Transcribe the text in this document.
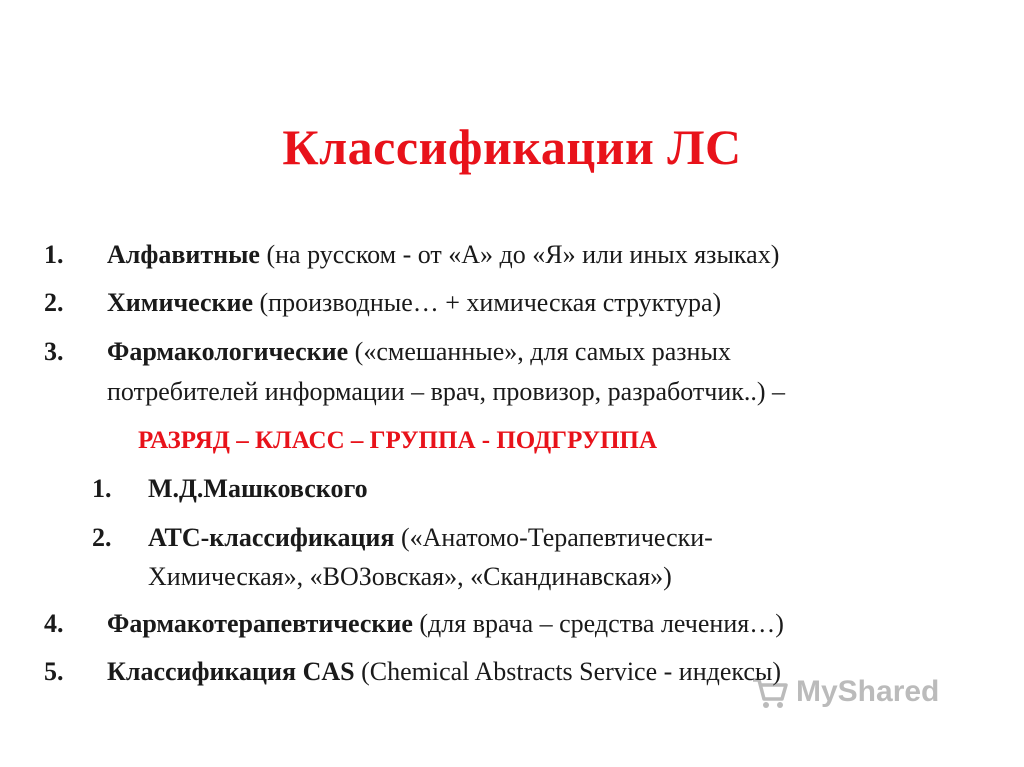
Классификации ЛС
1. Алфавитные (на русском - от «А» до «Я» или иных языках)
2. Химические (производные… + химическая структура)
3. Фармакологические («смешанные», для самых разных
потребителей информации – врач, провизор, разработчик..) –
РАЗРЯД – КЛАСС – ГРУППА - ПОДГРУППА
1. М.Д.Машковского
2. АТС-классификация («Анатомо-Терапевтически-
Химическая», «ВОЗовская», «Скандинавская»)
4. Фармакотерапевтические (для врача – средства лечения…)
5. Классификация CAS (Chemical Abstracts Service - индексы)
MyShared
